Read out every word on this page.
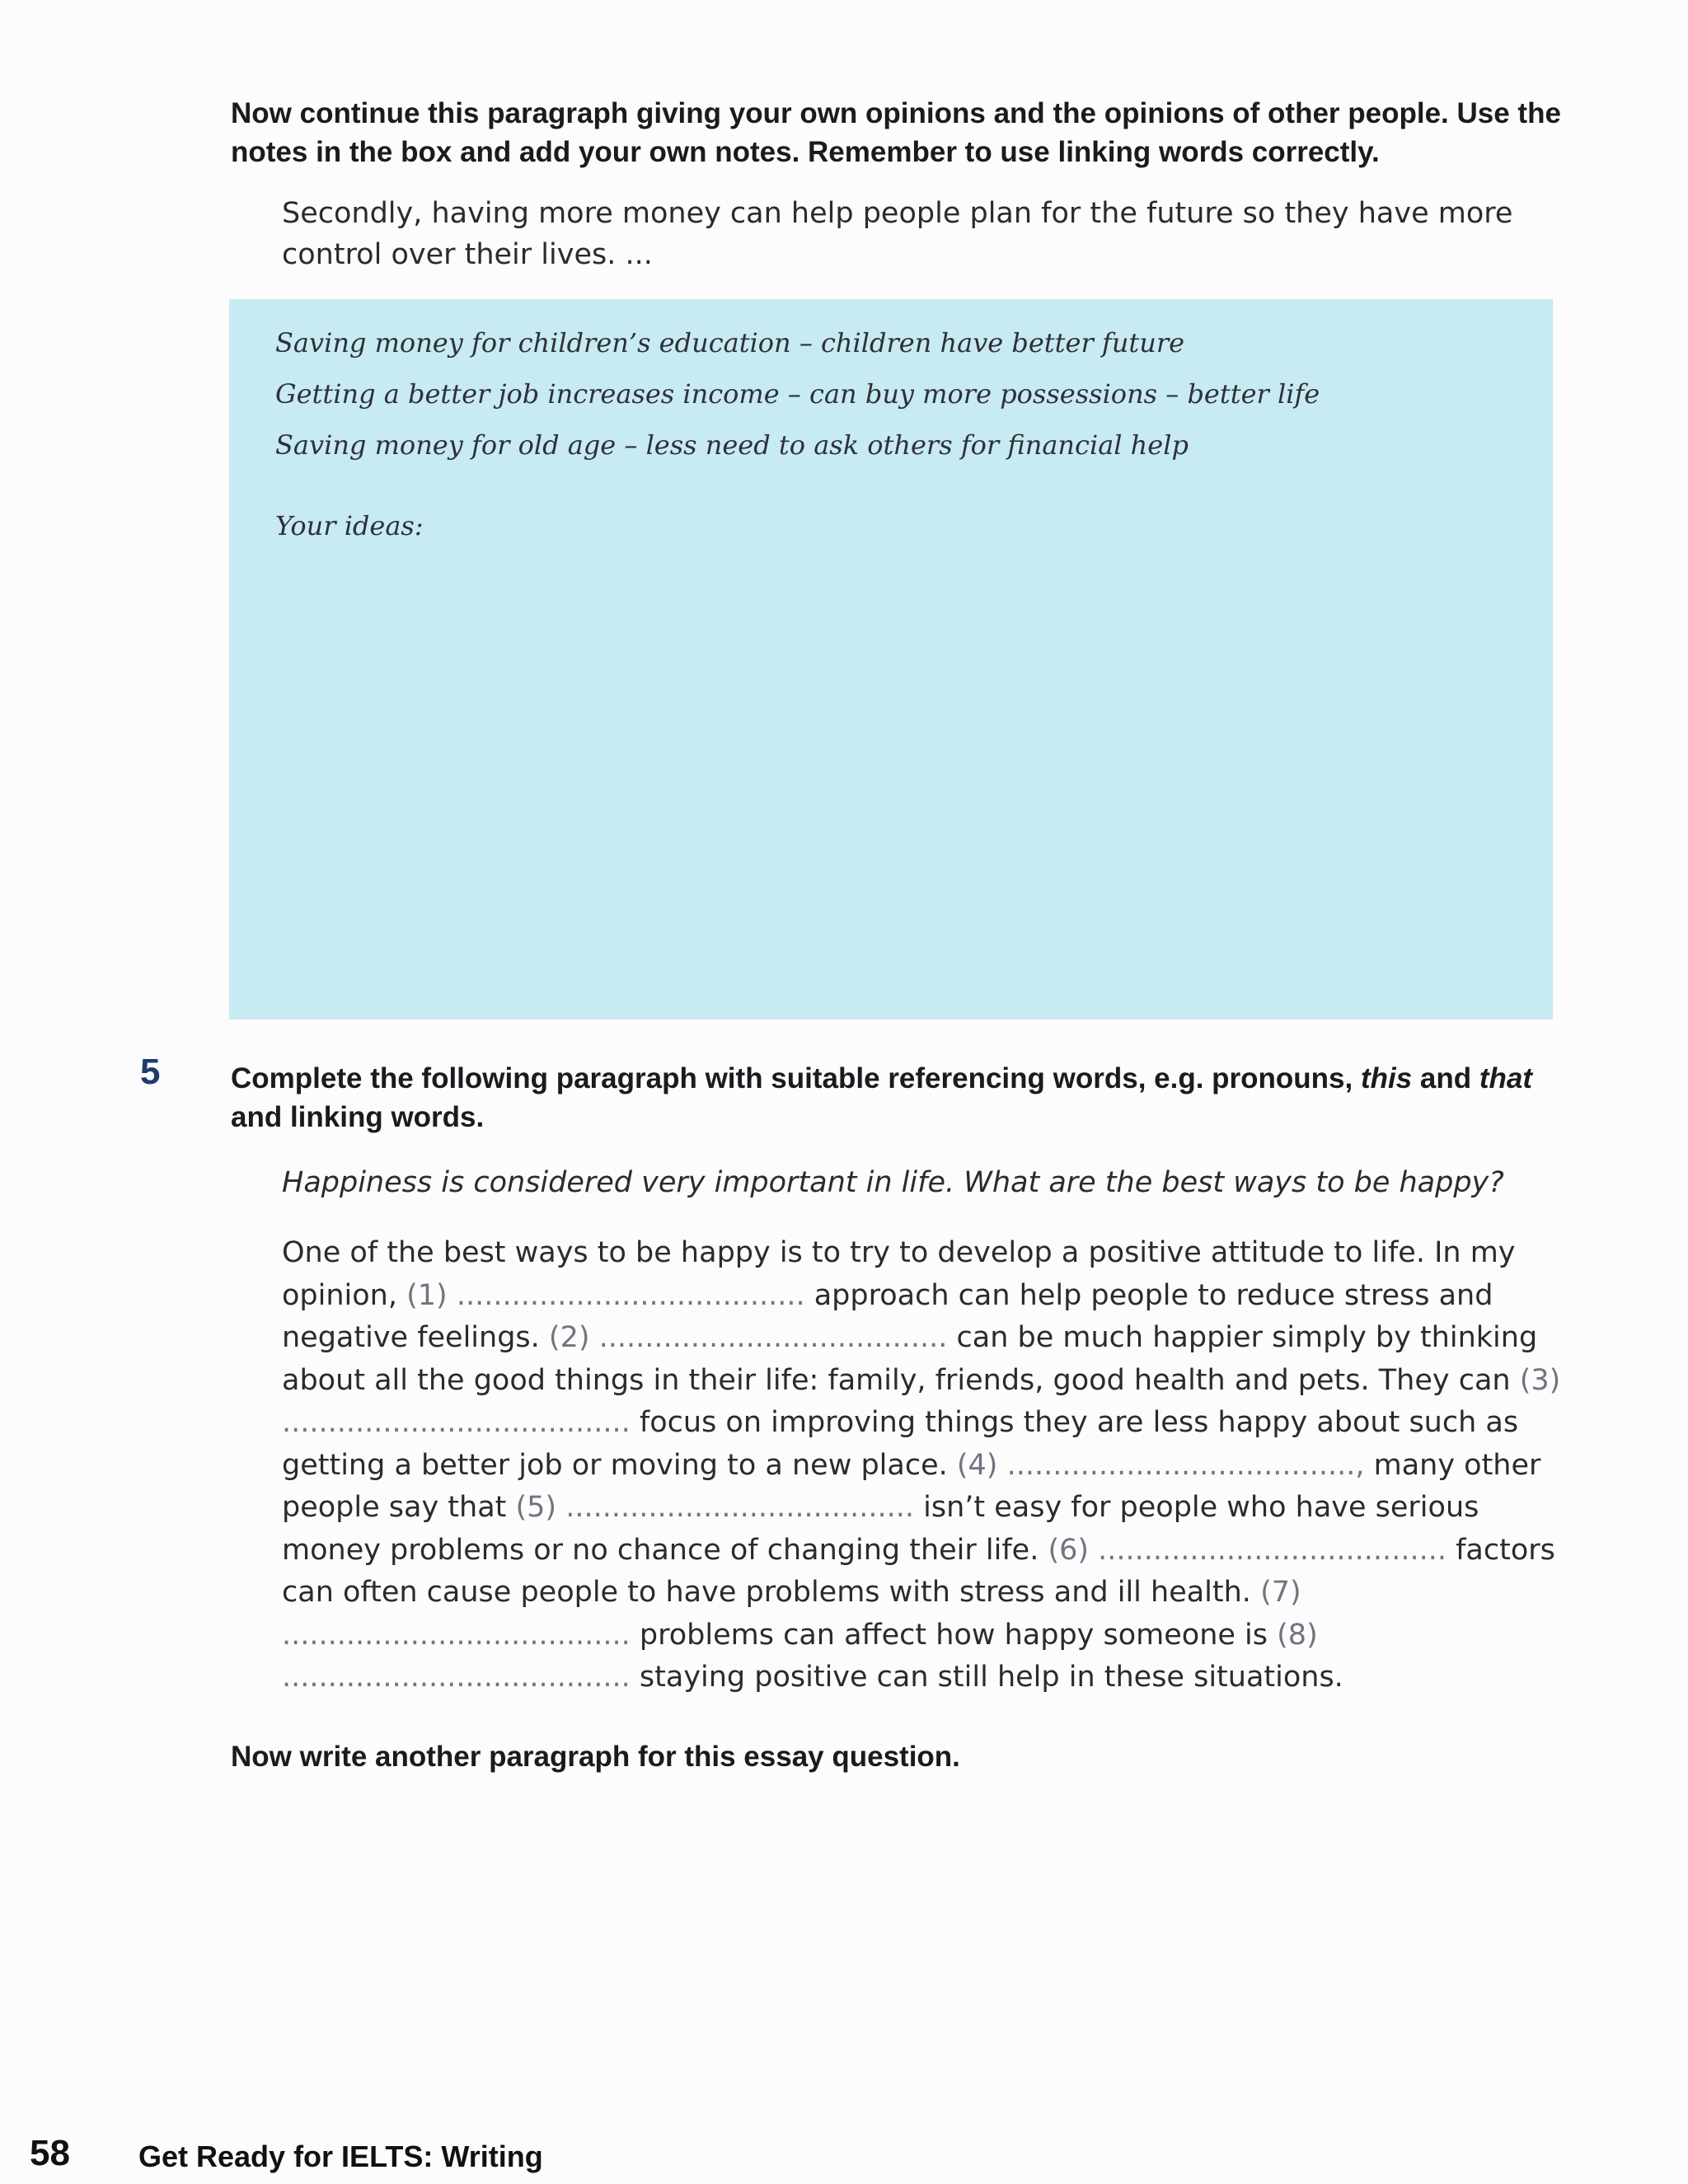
Now continue this paragraph giving your own opinions and the opinions of other people. Use the notes in the box and add your own notes. Remember to use linking words correctly.
Secondly, having more money can help people plan for the future so they have more control over their lives. ...
Saving money for children’s education – children have better future
Getting a better job increases income – can buy more possessions – better life
Saving money for old age – less need to ask others for financial help
Your ideas:
5 Complete the following paragraph with suitable referencing words, e.g. pronouns, this and that and linking words.
Happiness is considered very important in life. What are the best ways to be happy?
One of the best ways to be happy is to try to develop a positive attitude to life. In my opinion, (1) ...................................... approach can help people to reduce stress and negative feelings. (2) ...................................... can be much happier simply by thinking about all the good things in their life: family, friends, good health and pets. They can (3) ...................................... focus on improving things they are less happy about such as getting a better job or moving to a new place. (4) ......................................, many other people say that (5) ...................................... isn’t easy for people who have serious money problems or no chance of changing their life. (6) ...................................... factors can often cause people to have problems with stress and ill health. (7) ...................................... problems can affect how happy someone is (8) ...................................... staying positive can still help in these situations.
Now write another paragraph for this essay question.
58 Get Ready for IELTS: Writing
